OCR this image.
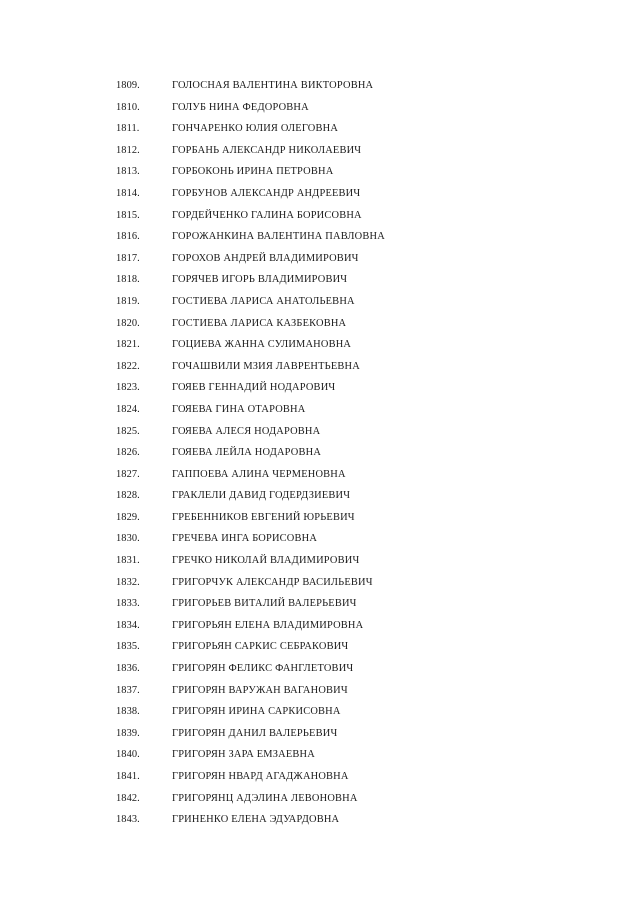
1809.	ГОЛОСНАЯ ВАЛЕНТИНА ВИКТОРОВНА
1810.	ГОЛУБ НИНА ФЕДОРОВНА
1811.	ГОНЧАРЕНКО ЮЛИЯ ОЛЕГОВНА
1812.	ГОРБАНЬ АЛЕКСАНДР НИКОЛАЕВИЧ
1813.	ГОРБОКОНЬ ИРИНА ПЕТРОВНА
1814.	ГОРБУНОВ АЛЕКСАНДР АНДРЕЕВИЧ
1815.	ГОРДЕЙЧЕНКО ГАЛИНА БОРИСОВНА
1816.	ГОРОЖАНКИНА ВАЛЕНТИНА ПАВЛОВНА
1817.	ГОРОХОВ АНДРЕЙ ВЛАДИМИРОВИЧ
1818.	ГОРЯЧЕВ ИГОРЬ ВЛАДИМИРОВИЧ
1819.	ГОСТИЕВА ЛАРИСА АНАТОЛЬЕВНА
1820.	ГОСТИЕВА ЛАРИСА КАЗБЕКОВНА
1821.	ГОЦИЕВА ЖАННА СУЛИМАНОВНА
1822.	ГОЧАШВИЛИ МЗИЯ ЛАВРЕНТЬЕВНА
1823.	ГОЯЕВ ГЕННАДИЙ НОДАРОВИЧ
1824.	ГОЯЕВА ГИНА ОТАРОВНА
1825.	ГОЯЕВА АЛЕСЯ НОДАРОВНА
1826.	ГОЯЕВА ЛЕЙЛА НОДАРОВНА
1827.	ГАППОЕВА АЛИНА ЧЕРМЕНОВНА
1828.	ГРАКЛЕЛИ ДАВИД ГОДЕРДЗИЕВИЧ
1829.	ГРЕБЕННИКОВ ЕВГЕНИЙ ЮРЬЕВИЧ
1830.	ГРЕЧЕВА ИНГА БОРИСОВНА
1831.	ГРЕЧКО НИКОЛАЙ ВЛАДИМИРОВИЧ
1832.	ГРИГОРЧУК АЛЕКСАНДР ВАСИЛЬЕВИЧ
1833.	ГРИГОРЬЕВ ВИТАЛИЙ ВАЛЕРЬЕВИЧ
1834.	ГРИГОРЬЯН ЕЛЕНА ВЛАДИМИРОВНА
1835.	ГРИГОРЬЯН САРКИС СЕБРАКОВИЧ
1836.	ГРИГОРЯН ФЕЛИКС ФАНГЛЕТОВИЧ
1837.	ГРИГОРЯН ВАРУЖАН ВАГАНОВИЧ
1838.	ГРИГОРЯН ИРИНА САРКИСОВНА
1839.	ГРИГОРЯН ДАНИЛ ВАЛЕРЬЕВИЧ
1840.	ГРИГОРЯН ЗАРА ЕМЗАЕВНА
1841.	ГРИГОРЯН НВАРД АГАДЖАНОВНА
1842.	ГРИГОРЯНЦ АДЭЛИНА ЛЕВОНОВНА
1843.	ГРИНЕНКО ЕЛЕНА ЭДУАРДОВНА
